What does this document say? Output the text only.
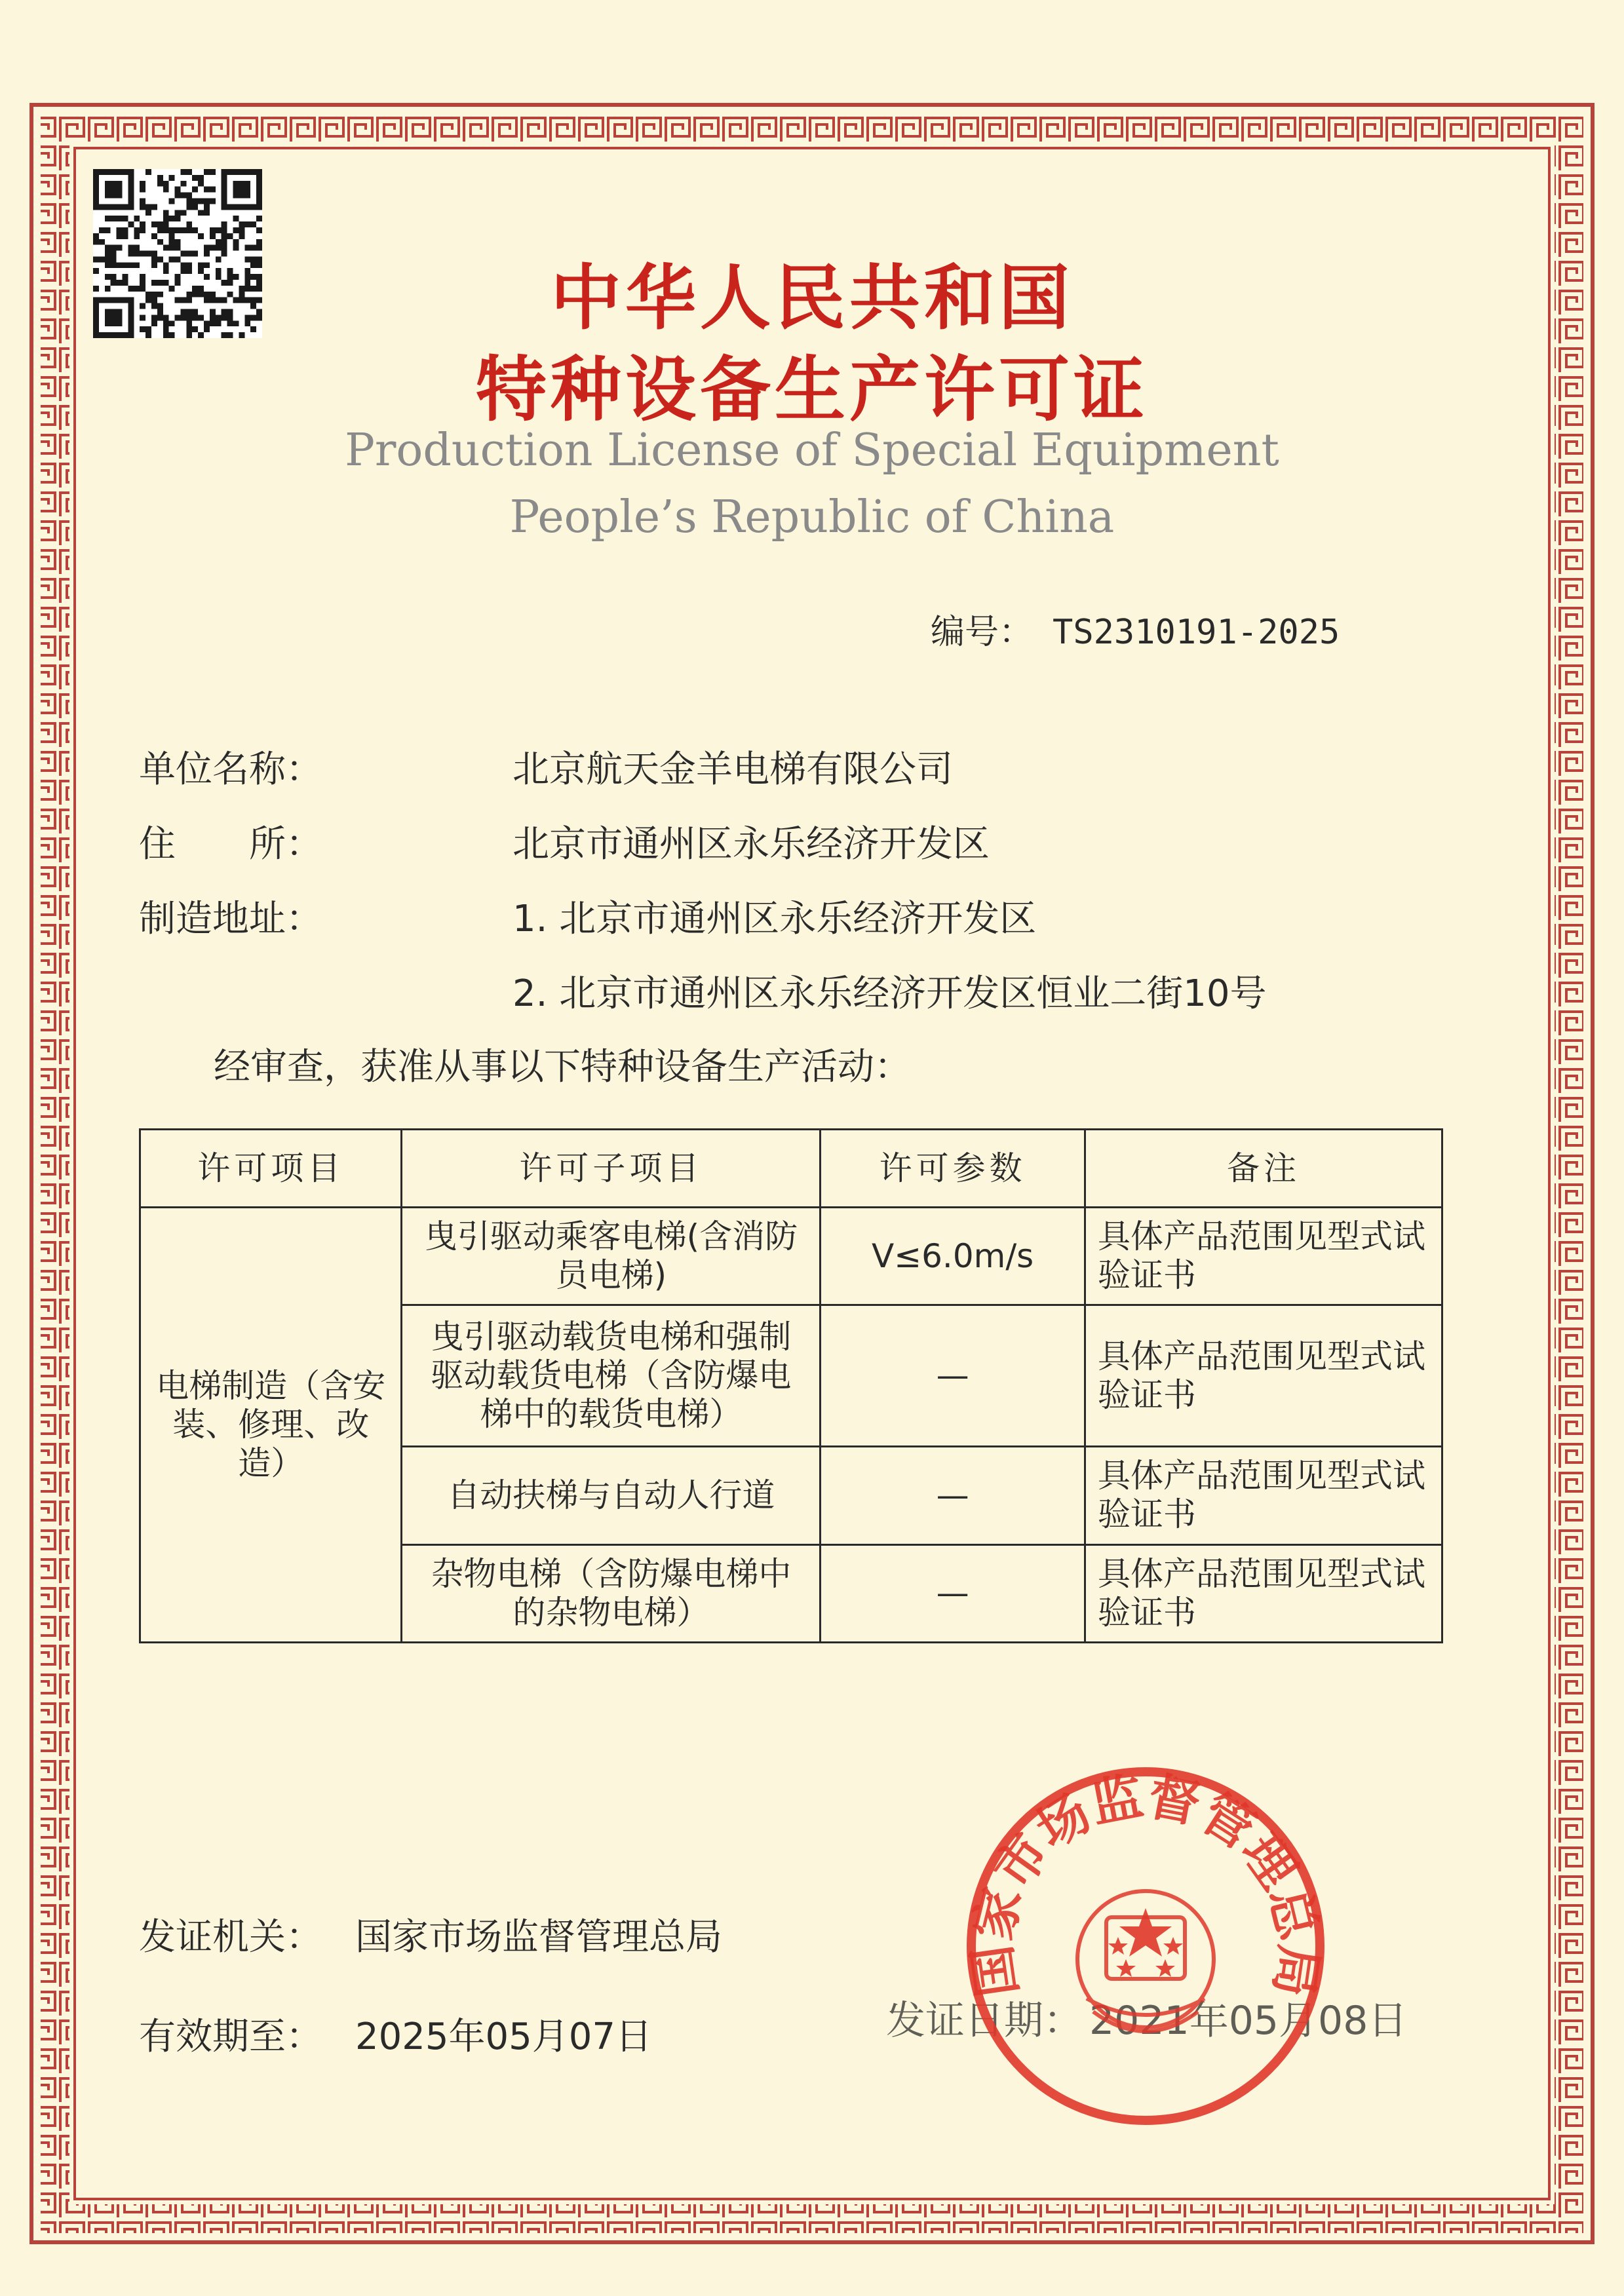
中华人民共和国
特种设备生产许可证
Production License of Special Equipment
People’s Republic of China
编号： TS2310191-2025
单位名称：	北京航天金羊电梯有限公司
住　　所：	北京市通州区永乐经济开发区
制造地址：	1. 北京市通州区永乐经济开发区
2. 北京市通州区永乐经济开发区恒业二街10号
经审查，获准从事以下特种设备生产活动：
许可项目	许可子项目	许可参数	备注
电梯制造（含安装、修理、改造）	曳引驱动乘客电梯(含消防员电梯)	V≤6.0m/s	具体产品范围见型式试验证书
	曳引驱动载货电梯和强制驱动载货电梯（含防爆电梯中的载货电梯）	—	具体产品范围见型式试验证书
	自动扶梯与自动人行道	—	具体产品范围见型式试验证书
	杂物电梯（含防爆电梯中的杂物电梯）	—	具体产品范围见型式试验证书
发证机关： 国家市场监督管理总局
有效期至： 2025年05月07日	发证日期： 2021年05月08日
国家市场监督管理总局
